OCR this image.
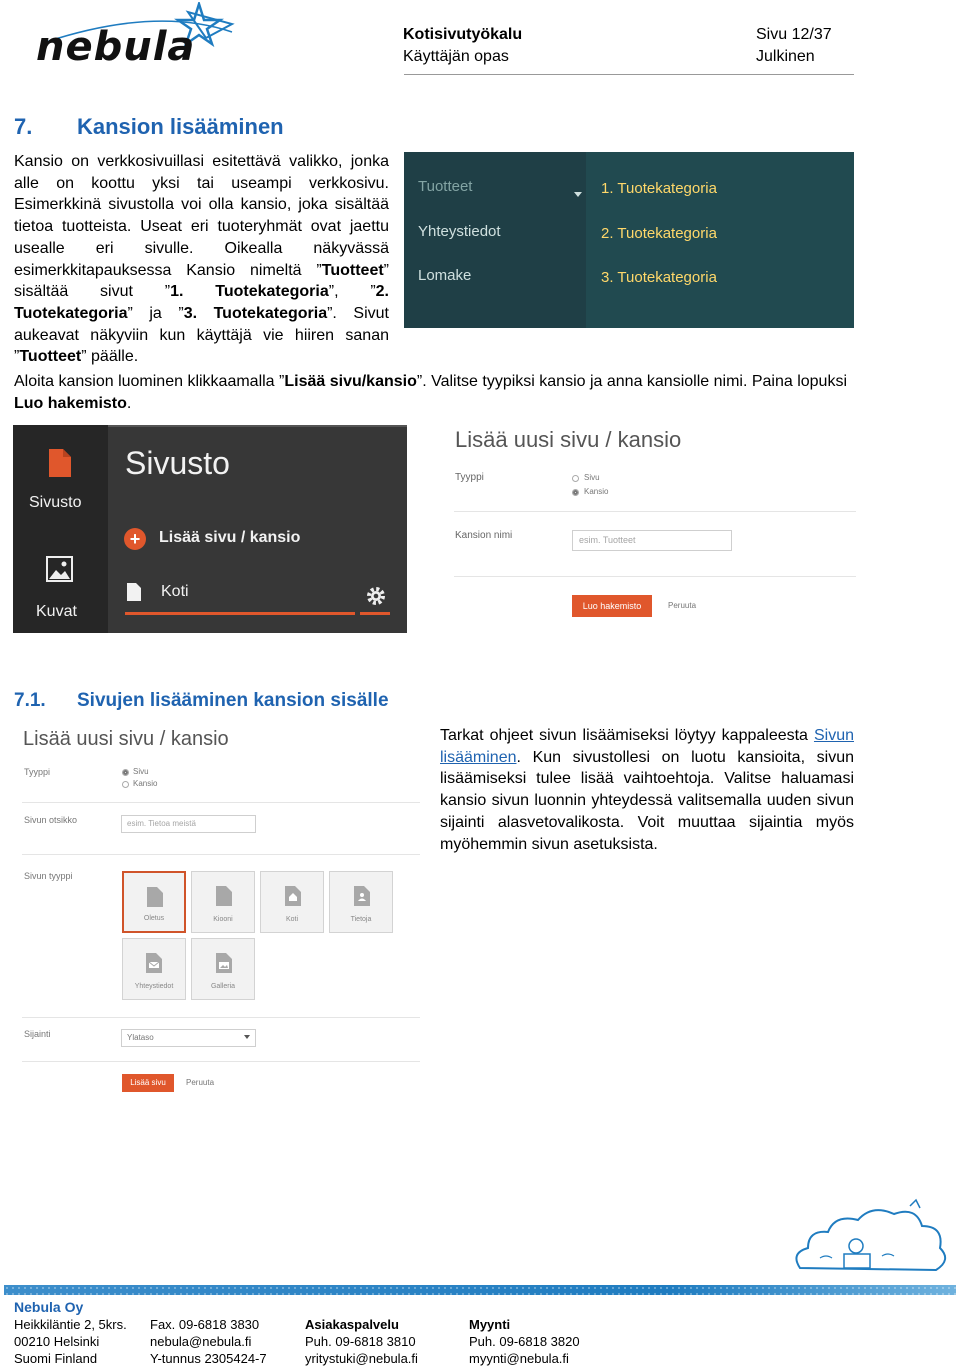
nebula	Kotisivutyökalu
Käyttäjän opas
Sivu 12/37
Julkinen
7. Kansion lisääminen
Kansio on verkkosivuillasi esitettävä valikko, jonka alle on koottu yksi tai useampi verkkosivu. Esimerkkinä sivustolla voi olla kansio, joka sisältää tietoa tuotteista. Useat eri tuoteryhmät ovat jaettu usealle eri sivulle. Oikealla näkyvässä esimerkkitapauksessa Kansio nimeltä ”Tuotteet” sisältää sivut ”1. Tuotekategoria”, ”2. Tuotekategoria” ja ”3. Tuotekategoria”. Sivut aukeavat näkyviin kun käyttäjä vie hiiren sanan ”Tuotteet” päälle.
Tuotteet
Yhteystiedot
Lomake
1. Tuotekategoria
2. Tuotekategoria
3. Tuotekategoria
Aloita kansion luominen klikkaamalla ”Lisää sivu/kansio”. Valitse tyypiksi kansio ja anna kansiolle nimi. Paina lopuksi Luo hakemisto.
Sivusto
Kuvat
Sivusto
+	Lisää sivu / kansio
Koti
Lisää uusi sivu / kansio
Tyyppi	Sivu
Kansio
Kansion nimi	esim. Tuotteet
Luo hakemisto	Peruuta
7.1. Sivujen lisääminen kansion sisälle
Tarkat ohjeet sivun lisäämiseksi löytyy kappaleesta Sivun lisääminen. Kun sivustollesi on luotu kansioita, sivun lisäämiseksi tulee lisää vaihtoehtoja. Valitse haluamasi kansio sivun luonnin yhteydessä valitsemalla uuden sivun sijainti alasvetovalikosta. Voit muuttaa sijaintia myös myöhemmin sivun asetuksista.
Lisää uusi sivu / kansio
Tyyppi	Sivu
Kansio
Sivun otsikko	esim. Tietoa meistä
Sivun tyyppi
Oletus	Kiooni	Koti	Tietoja
Yhteystiedot	Galleria
Sijainti	Ylataso
Lisää sivu	Peruuta
Nebula Oy
Heikkiläntie 2, 5krs.
00210 Helsinki
Suomi Finland
Fax. 09-6818 3830
nebula@nebula.fi
Y-tunnus 2305424-7
Asiakaspalvelu
Puh. 09-6818 3810
yritystuki@nebula.fi
Myynti
Puh. 09-6818 3820
myynti@nebula.fi
